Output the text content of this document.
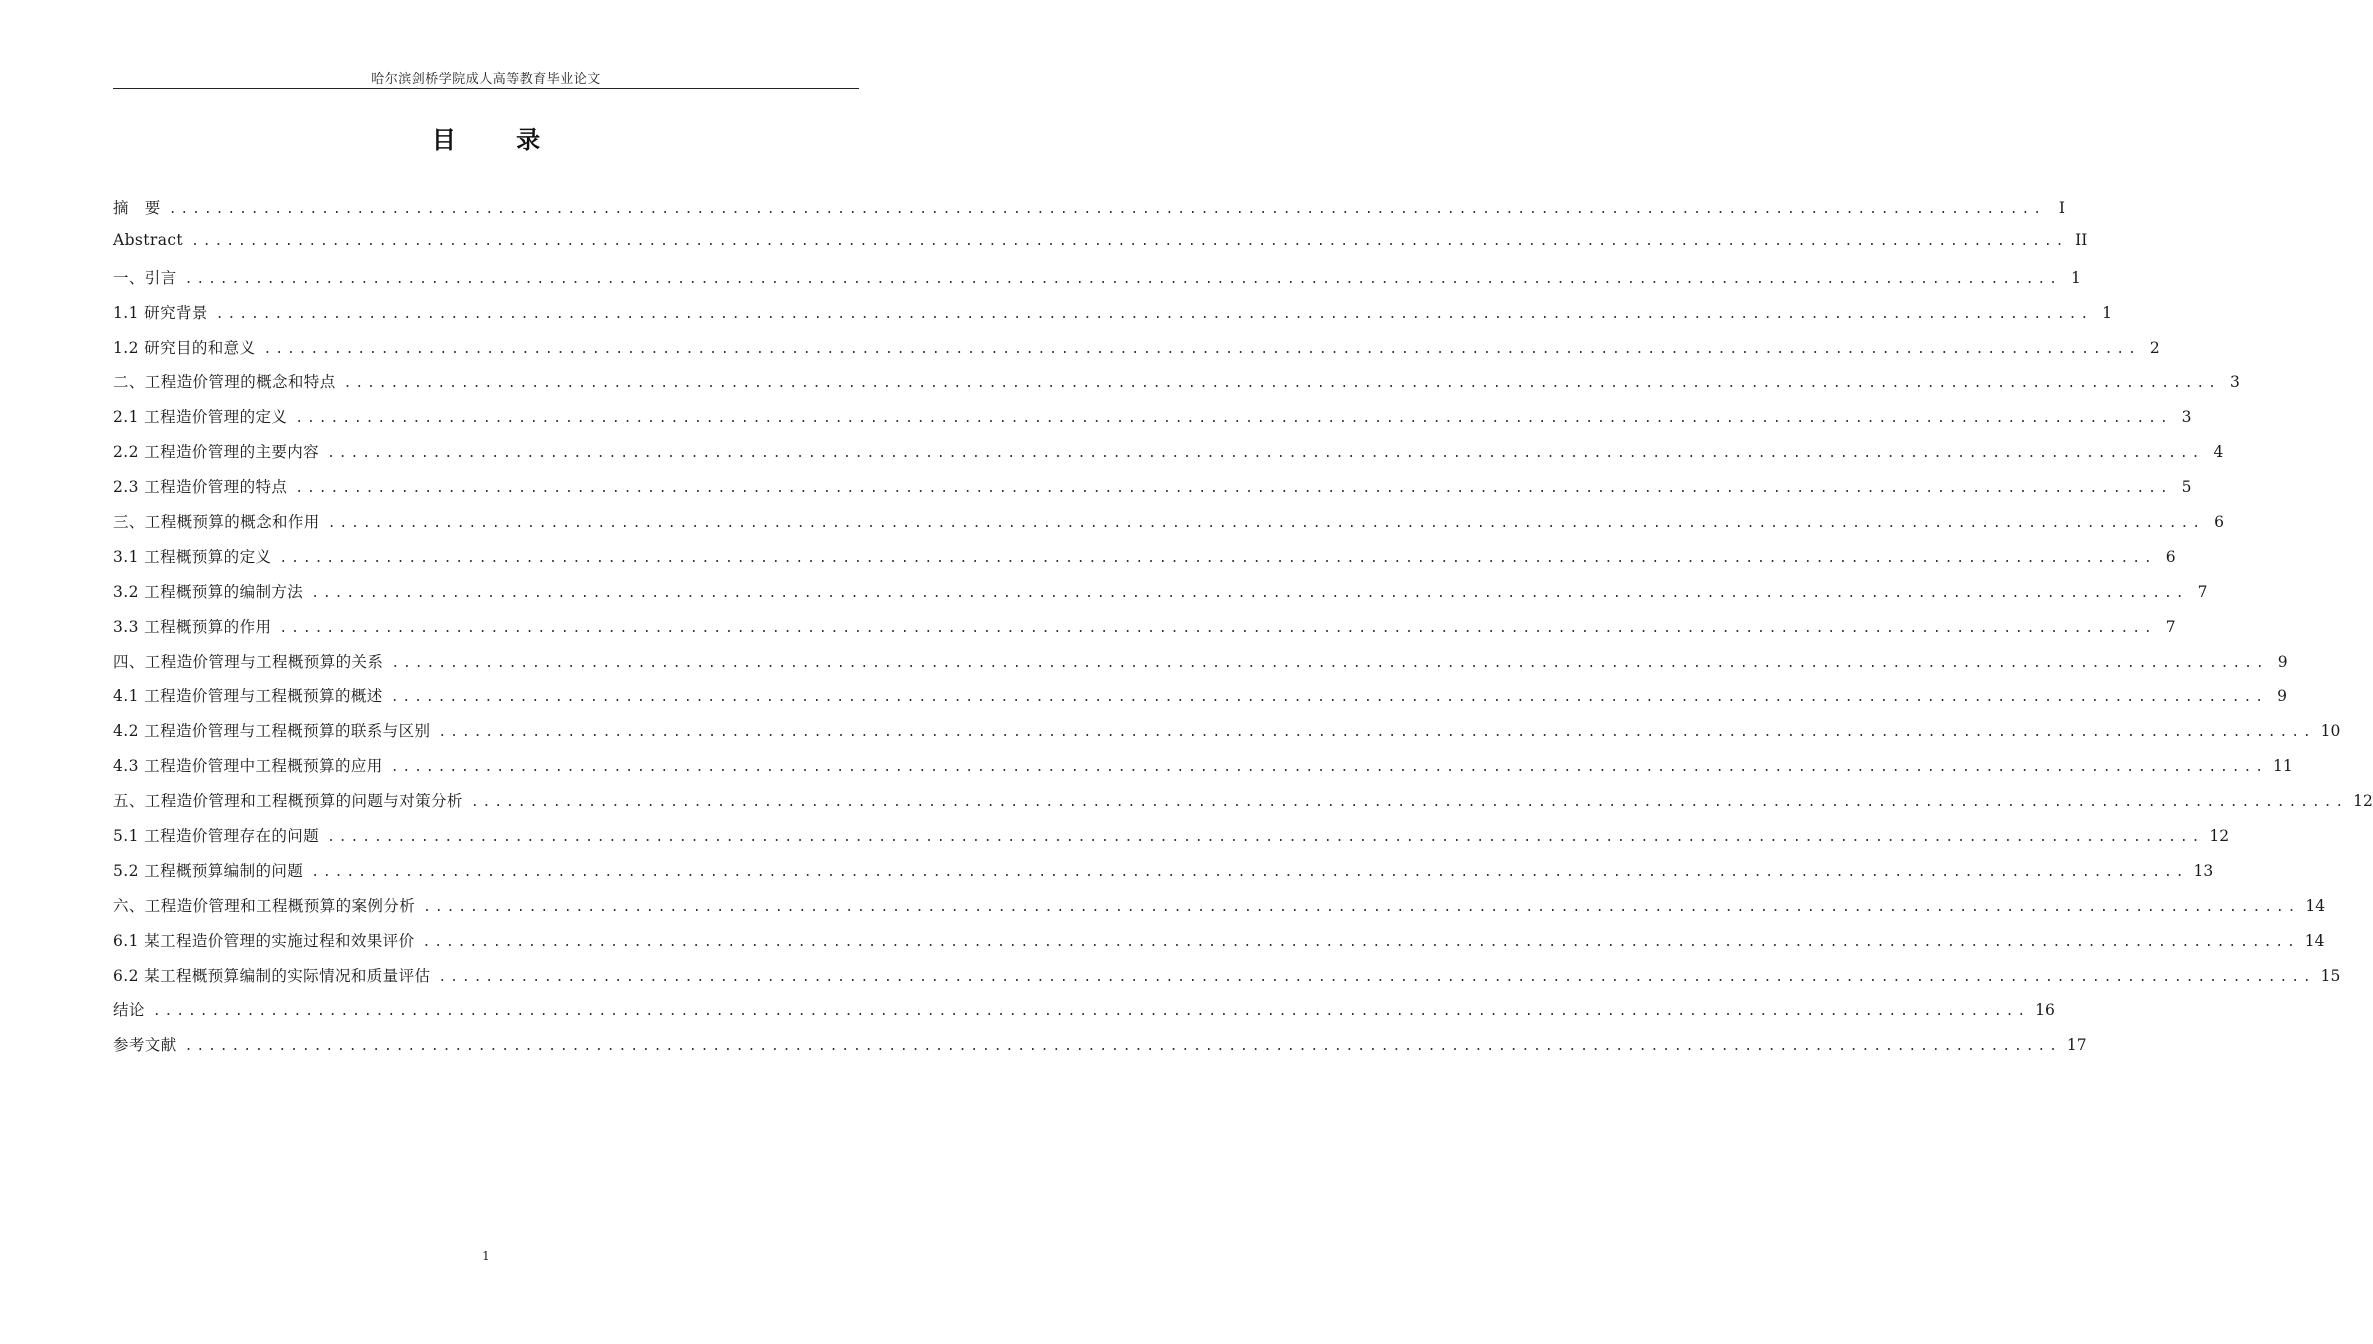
哈尔滨剑桥学院成人高等教育毕业论文
目 录
摘　要 ................................................................................................................................................................ I
Abstract ................................................................................................................................................................ II
一、引言 ................................................................................................................................................................ 1
1.1 研究背景 ................................................................................................................................................................ 1
1.2 研究目的和意义 ................................................................................................................................................................ 2
二、工程造价管理的概念和特点 ................................................................................................................................................................ 3
2.1 工程造价管理的定义 ................................................................................................................................................................ 3
2.2 工程造价管理的主要内容 ................................................................................................................................................................ 4
2.3 工程造价管理的特点 ................................................................................................................................................................ 5
三、工程概预算的概念和作用 ................................................................................................................................................................ 6
3.1 工程概预算的定义 ................................................................................................................................................................ 6
3.2 工程概预算的编制方法 ................................................................................................................................................................ 7
3.3 工程概预算的作用 ................................................................................................................................................................ 7
四、工程造价管理与工程概预算的关系 ................................................................................................................................................................ 9
4.1 工程造价管理与工程概预算的概述 ................................................................................................................................................................ 9
4.2 工程造价管理与工程概预算的联系与区别 ................................................................................................................................................................ 10
4.3 工程造价管理中工程概预算的应用 ................................................................................................................................................................ 11
五、工程造价管理和工程概预算的问题与对策分析 ................................................................................................................................................................ 12
5.1 工程造价管理存在的问题 ................................................................................................................................................................ 12
5.2 工程概预算编制的问题 ................................................................................................................................................................ 13
六、工程造价管理和工程概预算的案例分析 ................................................................................................................................................................ 14
6.1 某工程造价管理的实施过程和效果评价 ................................................................................................................................................................ 14
6.2 某工程概预算编制的实际情况和质量评估 ................................................................................................................................................................ 15
结论 ................................................................................................................................................................ 16
参考文献 ................................................................................................................................................................ 17
1
